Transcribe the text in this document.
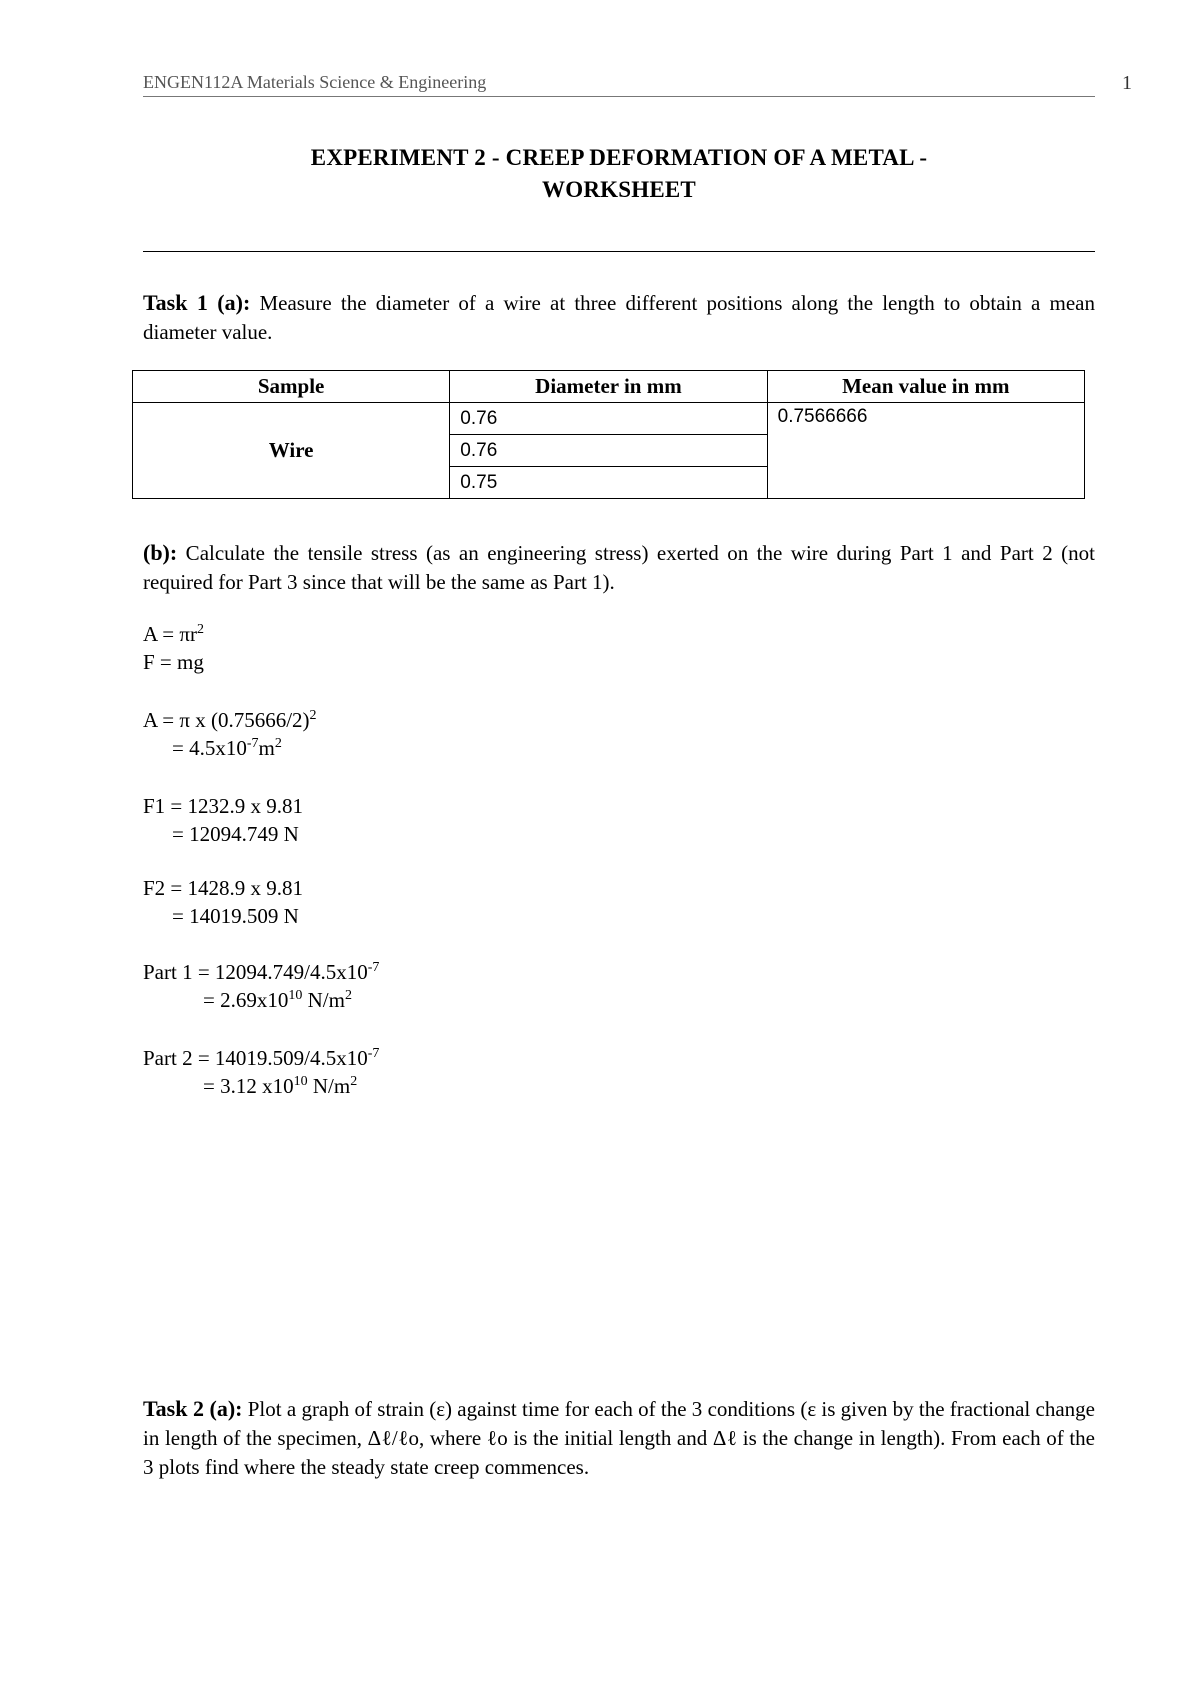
ENGEN112A Materials Science & Engineering	1
EXPERIMENT 2 - CREEP DEFORMATION OF A METAL -
WORKSHEET
Task 1 (a): Measure the diameter of a wire at three different positions along the length to obtain a mean diameter value.
Sample	Diameter in mm	Mean value in mm
Wire	0.76	0.7566666
	0.76	
	0.75	
(b): Calculate the tensile stress (as an engineering stress) exerted on the wire during Part 1 and Part 2 (not required for Part 3 since that will be the same as Part 1).
$A = \pi r^2$
F = mg
A = π x $(0.75666/2)^2$
= $4.5x10^{-7}m^2$
F1 = 1232.9 x 9.81
= 12094.749 N
F2 = 1428.9 x 9.81
= 14019.509 N
Part $1 = 12094.749/4.5x10^{-7}$
= $2.69x10^{10}$ $N/m^2$
Part $2 = 14019.509/4.5x10^{-7}$
= 3.12 $x10^{10}$ $N/m^2$
Task 2 (a): Plot a graph of strain (ε) against time for each of the 3 conditions (ε is given by the fractional change in length of the specimen, Δℓ/ℓo, where ℓo is the initial length and Δℓ is the change in length). From each of the 3 plots find where the steady state creep commences.
